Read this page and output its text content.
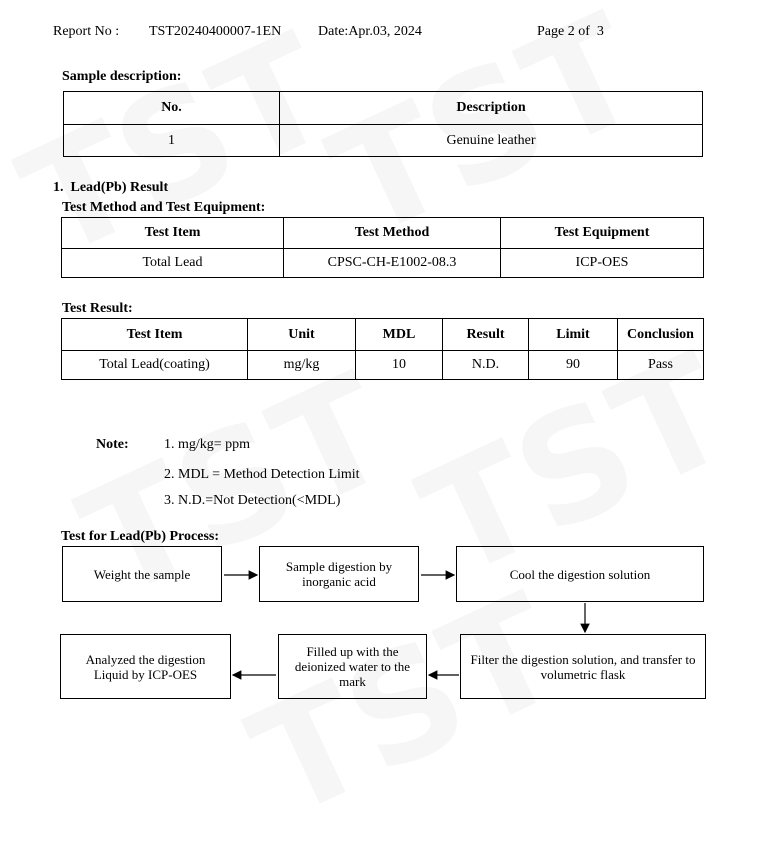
Report No : TST20240400007-1EN	Date:Apr.03, 2024	Page 2 of  3
Sample description:
No.	Description
1	Genuine leather
1.  Lead(Pb) Result
Test Method and Test Equipment:
Test Item	Test Method	Test Equipment
Total Lead	CPSC-CH-E1002-08.3	ICP-OES
Test Result:
Test Item	Unit	MDL	Result	Limit	Conclusion
Total Lead(coating)	mg/kg	10	N.D.	90	Pass
Note:	1. mg/kg= ppm
2. MDL = Method Detection Limit
3. N.D.=Not Detection(<MDL)
Test for Lead(Pb) Process:
Weight the sample	Sample digestion by inorganic acid	Cool the digestion solution
Filter the digestion solution, and transfer to volumetric flask
Filled up with the deionized water to the mark
Analyzed the digestion Liquid by ICP-OES
